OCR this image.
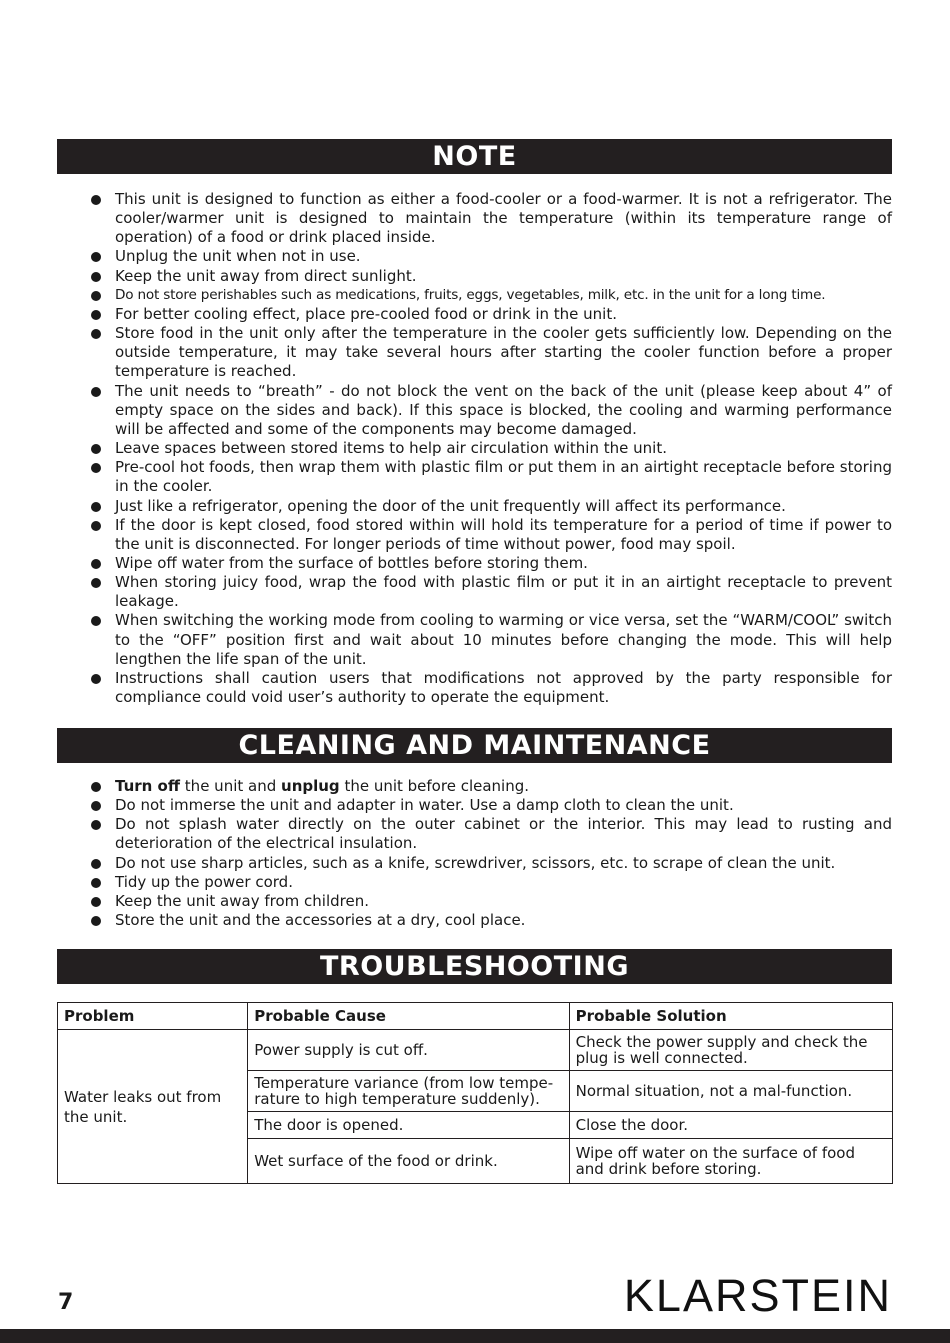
NOTE
This unit is designed to function as either a food-cooler or a food-warmer. It is not a refrigerator. The cooler/warmer unit is designed to maintain the temperature (within its temperature range of operation) of a food or drink placed inside.
Unplug the unit when not in use.
Keep the unit away from direct sunlight.
Do not store perishables such as medications, fruits, eggs, vegetables, milk, etc. in the unit for a long time.
For better cooling effect, place pre-cooled food or drink in the unit.
Store food in the unit only after the temperature in the cooler gets sufficiently low. Depending on the outside temperature, it may take several hours after starting the cooler function before a proper temperature is reached.
The unit needs to “breath” - do not block the vent on the back of the unit (please keep about 4” of empty space on the sides and back). If this space is blocked, the cooling and warming performance will be affected and some of the components may become damaged.
Leave spaces between stored items to help air circulation within the unit.
Pre-cool hot foods, then wrap them with plastic film or put them in an airtight receptacle before storing in the cooler.
Just like a refrigerator, opening the door of the unit frequently will affect its performance.
If the door is kept closed, food stored within will hold its temperature for a period of time if power to the unit is disconnected. For longer periods of time without power, food may spoil.
Wipe off water from the surface of bottles before storing them.
When storing juicy food, wrap the food with plastic film or put it in an airtight receptacle to prevent leakage.
When switching the working mode from cooling to warming or vice versa, set the “WARM/COOL” switch to the “OFF” position first and wait about 10 minutes before changing the mode. This will help lengthen the life span of the unit.
Instructions shall caution users that modifications not approved by the party responsible for compliance could void user’s authority to operate the equipment.
CLEANING AND MAINTENANCE
Turn off the unit and unplug the unit before cleaning.
Do not immerse the unit and adapter in water. Use a damp cloth to clean the unit.
Do not splash water directly on the outer cabinet or the interior. This may lead to rusting and deterioration of the electrical insulation.
Do not use sharp articles, such as a knife, screwdriver, scissors, etc. to scrape of clean the unit.
Tidy up the power cord.
Keep the unit away from children.
Store the unit and the accessories at a dry, cool place.
TROUBLESHOOTING
Problem	Probable Cause	Probable Solution
Water leaks out from the unit.	Power supply is cut off.	Check the power supply and check the plug is well connected.
	Temperature variance (from low tempe-rature to high temperature suddenly).	Normal situation, not a mal-function.
	The door is opened.	Close the door.
	Wet surface of the food or drink.	Wipe off water on the surface of food and drink before storing.
7	KLARSTEIN
